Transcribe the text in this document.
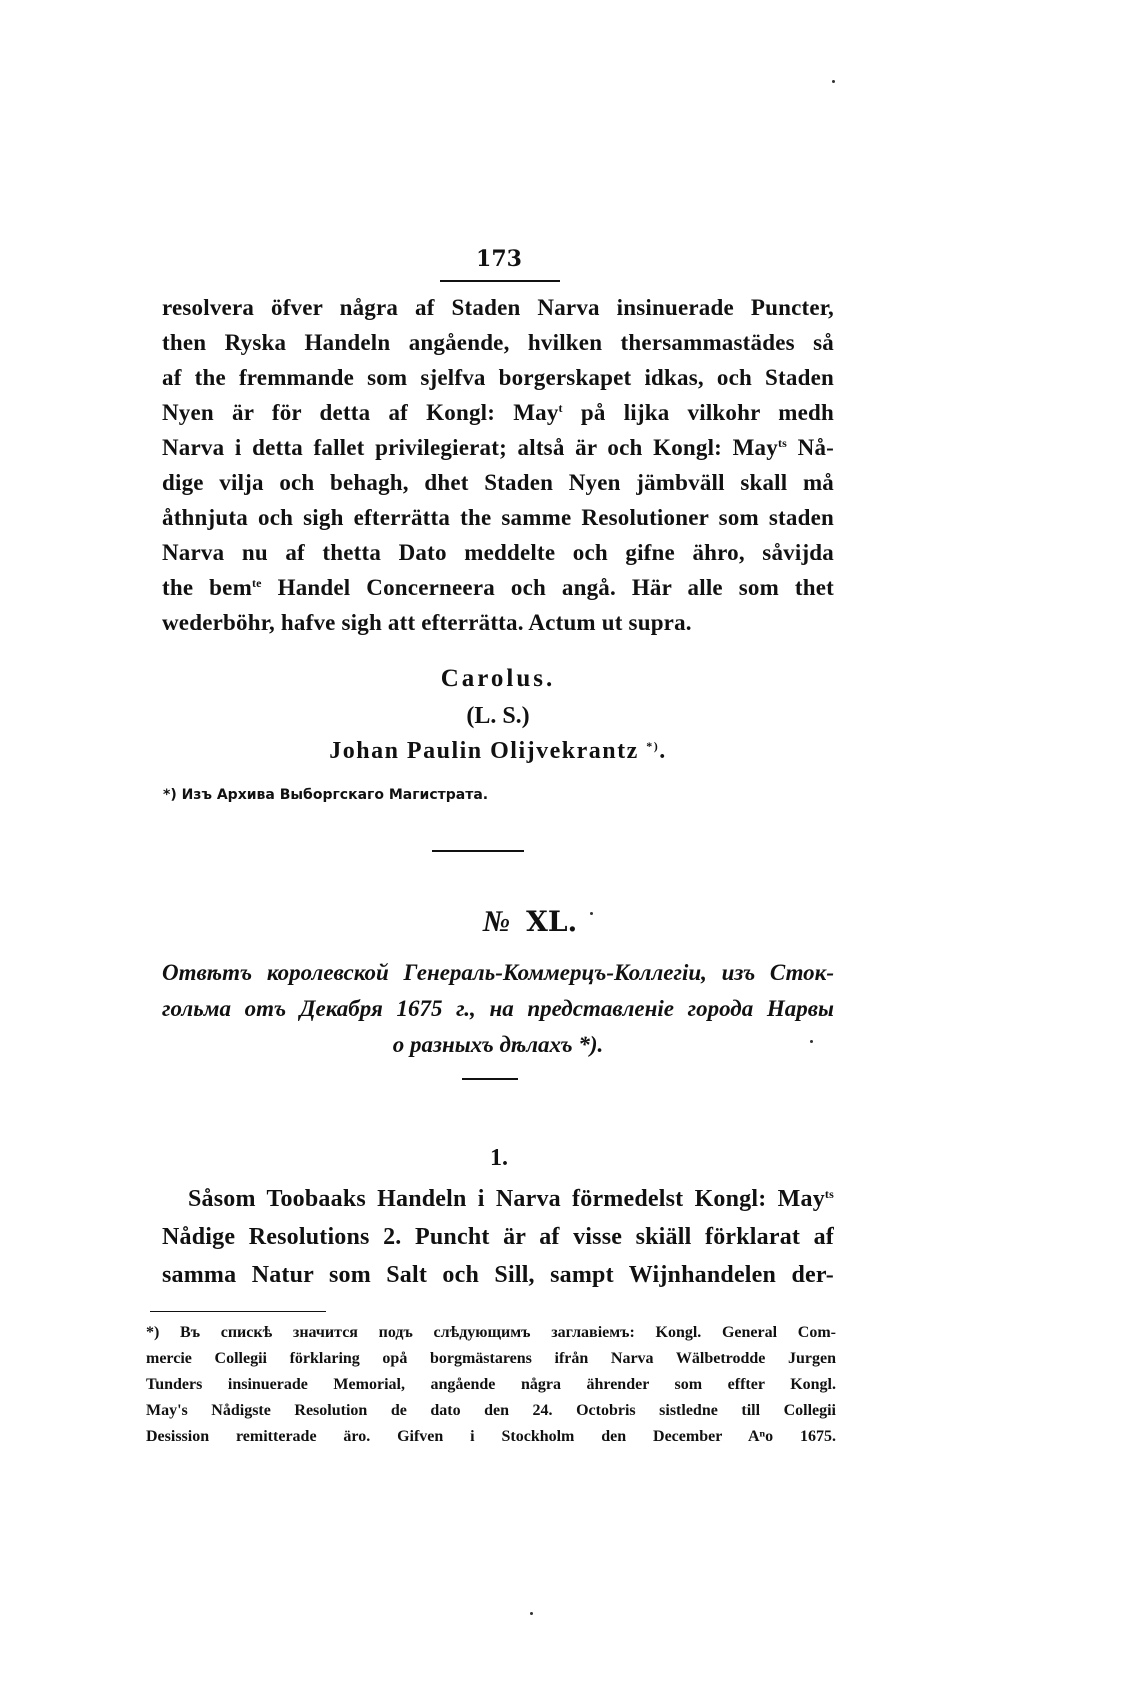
173
resolvera öfver några af Staden Narva insinuerade Puncter,
then Ryska Handeln angående, hvilken thersammastädes så
af the fremmande som sjelfva borgerskapet idkas, och Staden
Nyen är för detta af Kongl: May$^t$ på lijka vilkohr medh
Narva i detta fallet privilegierat; altså är och Kongl: May$^{ts}$ Nå-
dige vilja och behagh, dhet Staden Nyen jämbväll skall må
åthnjuta och sigh efterrätta the samme Resolutioner som staden
Narva nu af thetta Dato meddelte och gifne ähro, såvijda
the bem$^{te}$ Handel Concerneera och angå. Här alle som thet
wederböhr, hafve sigh att efterrätta. Actum ut supra.
Carolus.
(L. S.)
Johan Paulin Olijvekrantz *).
*) Изъ Архива Выборгскаго Магистрата.
№ XL.
Отвѣтъ королевской Генераль-Коммерцъ-Коллегіи, изъ Сток-
гольма отъ Декабря 1675 г., на представленіе города Нарвы
о разныхъ дѣлахъ *).
1.
Såsom Toobaaks Handeln i Narva förmedelst Kongl: May$^{ts}$
Nådige Resolutions 2. Puncht är af visse skiäll förklarat af
samma Natur som Salt och Sill, sampt Wijnhandelen der-
*) Въ спискѣ значится подъ слѣдующимъ заглавіемъ: Kongl. General Com-
mercie Collegii förklaring opå borgmästarens ifrån Narva Wälbetrodde Jurgen
Tunders insinuerade Memorial, angående några ährender som effter Kongl.
May's Nådigste Resolution de dato den 24. Octobris sistledne till Collegii
Desission remitterade äro. Gifven i Stockholm den December Aⁿo 1675.
